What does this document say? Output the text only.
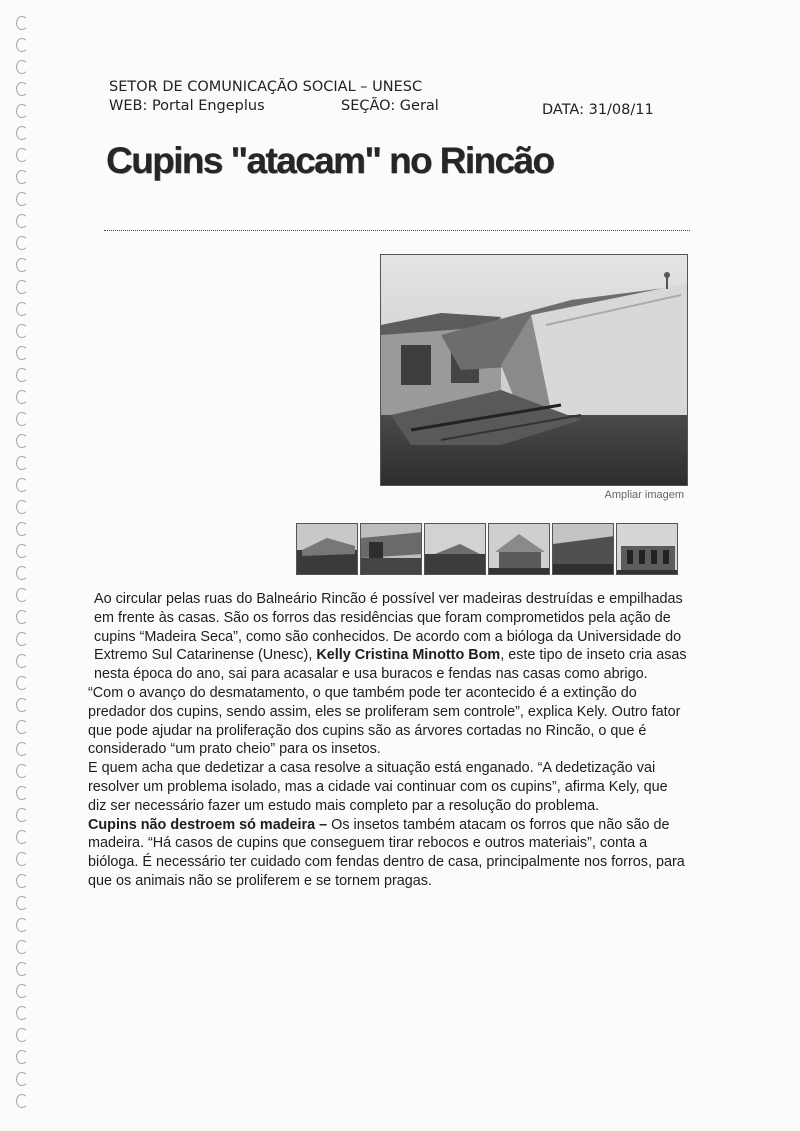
SETOR DE COMUNICAÇÃO SOCIAL – UNESC
WEB: Portal Engeplus	SEÇÃO: Geral	DATA: 31/08/11
Cupins "atacam" no Rincão
Ampliar imagem

Ao circular pelas ruas do Balneário Rincão é possível ver madeiras destruídas e empilhadas em frente às casas. São os forros das residências que foram comprometidos pela ação de cupins “Madeira Seca”, como são conhecidos. De acordo com a bióloga da Universidade do Extremo Sul Catarinense (Unesc), Kelly Cristina Minotto Bom, este tipo de inseto cria asas nesta época do ano, sai para acasalar e usa buracos e fendas nas casas como abrigo.

“Com o avanço do desmatamento, o que também pode ter acontecido é a extinção do predador dos cupins, sendo assim, eles se proliferam sem controle”, explica Kely. Outro fator que pode ajudar na proliferação dos cupins são as árvores cortadas no Rincão, o que é considerado “um prato cheio” para os insetos.

E quem acha que dedetizar a casa resolve a situação está enganado. “A dedetização vai resolver um problema isolado, mas a cidade vai continuar com os cupins”, afirma Kely, que diz ser necessário fazer um estudo mais completo par a resolução do problema.

Cupins não destroem só madeira – Os insetos também atacam os forros que não são de madeira. “Há casos de cupins que conseguem tirar rebocos e outros materiais”, conta a bióloga. É necessário ter cuidado com fendas dentro de casa, principalmente nos forros, para que os animais não se proliferem e se tornem pragas.
